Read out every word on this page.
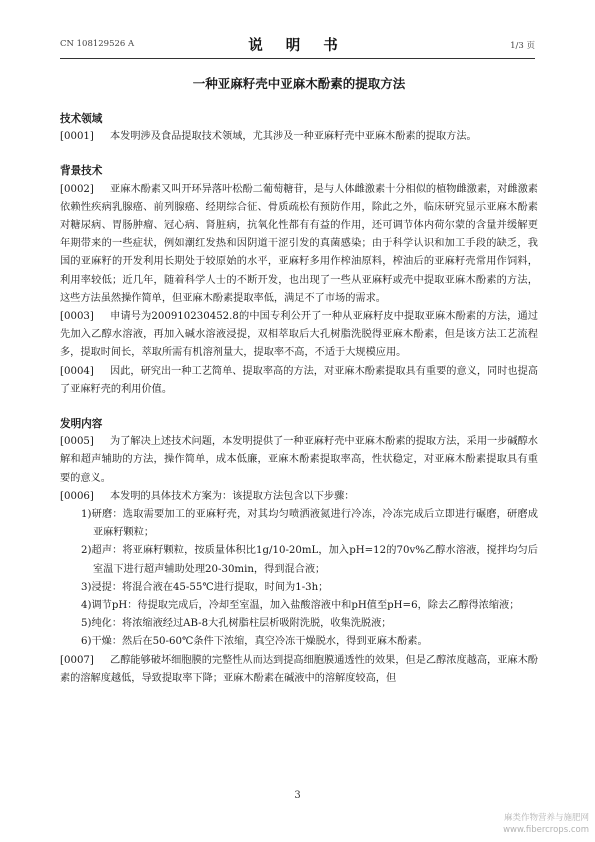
CN 108129526 A	说 明 书	1/3 页
一种亚麻籽壳中亚麻木酚素的提取方法
技术领域

[0001] 本发明涉及食品提取技术领域，尤其涉及一种亚麻籽壳中亚麻木酚素的提取方法。

背景技术

[0002] 亚麻木酚素又叫开环异落叶松酚二葡萄糖苷，是与人体雌激素十分相似的植物雌激素，对雌激素依赖性疾病乳腺癌、前列腺癌、经期综合征、骨质疏松有预防作用，除此之外，临床研究显示亚麻木酚素对糖尿病、胃肠肿瘤、冠心病、肾脏病，抗氧化性都有有益的作用，还可调节体内荷尔蒙的含量并缓解更年期带来的一些症状，例如潮红发热和因阴道干涩引发的真菌感染；由于科学认识和加工手段的缺乏，我国的亚麻籽的开发利用长期处于较原始的水平，亚麻籽多用作榨油原料，榨油后的亚麻籽壳常用作饲料，利用率较低；近几年，随着科学人士的不断开发，也出现了一些从亚麻籽或壳中提取亚麻木酚素的方法，这些方法虽然操作简单，但亚麻木酚素提取率低，满足不了市场的需求。

[0003] 申请号为200910230452.8的中国专利公开了一种从亚麻籽皮中提取亚麻木酚素的方法，通过先加入乙醇水溶液，再加入碱水溶液浸提，双相萃取后大孔树脂洗脱得亚麻木酚素，但是该方法工艺流程多，提取时间长，萃取所需有机溶剂量大，提取率不高，不适于大规模应用。

[0004] 因此，研究出一种工艺简单、提取率高的方法，对亚麻木酚素提取具有重要的意义，同时也提高了亚麻籽壳的利用价值。

发明内容

[0005] 为了解决上述技术问题，本发明提供了一种亚麻籽壳中亚麻木酚素的提取方法，采用一步碱醇水解和超声辅助的方法，操作简单，成本低廉，亚麻木酚素提取率高，性状稳定，对亚麻木酚素提取具有重要的意义。

[0006] 本发明的具体技术方案为：该提取方法包含以下步骤：

1)研磨：选取需要加工的亚麻籽壳，对其均匀喷洒液氮进行冷冻，冷冻完成后立即进行碾磨，研磨成亚麻籽颗粒；
2)超声：将亚麻籽颗粒，按质量体积比1g/10-20mL，加入pH=12的70v%乙醇水溶液，搅拌均匀后室温下进行超声辅助处理20-30min，得到混合液；
3)浸提：将混合液在45-55℃进行提取，时间为1-3h；
4)调节pH：待提取完成后，冷却至室温，加入盐酸溶液中和pH值至pH=6，除去乙醇得浓缩液；
5)纯化：将浓缩液经过AB-8大孔树脂柱层析吸附洗脱，收集洗脱液；
6)干燥：然后在50-60℃条件下浓缩，真空冷冻干燥脱水，得到亚麻木酚素。

[0007] 乙醇能够破坏细胞膜的完整性从而达到提高细胞膜通透性的效果，但是乙醇浓度越高，亚麻木酚素的溶解度越低，导致提取率下降；亚麻木酚素在碱液中的溶解度较高，但

3
麻类作物营养与施肥网
www.fibercrops.com
